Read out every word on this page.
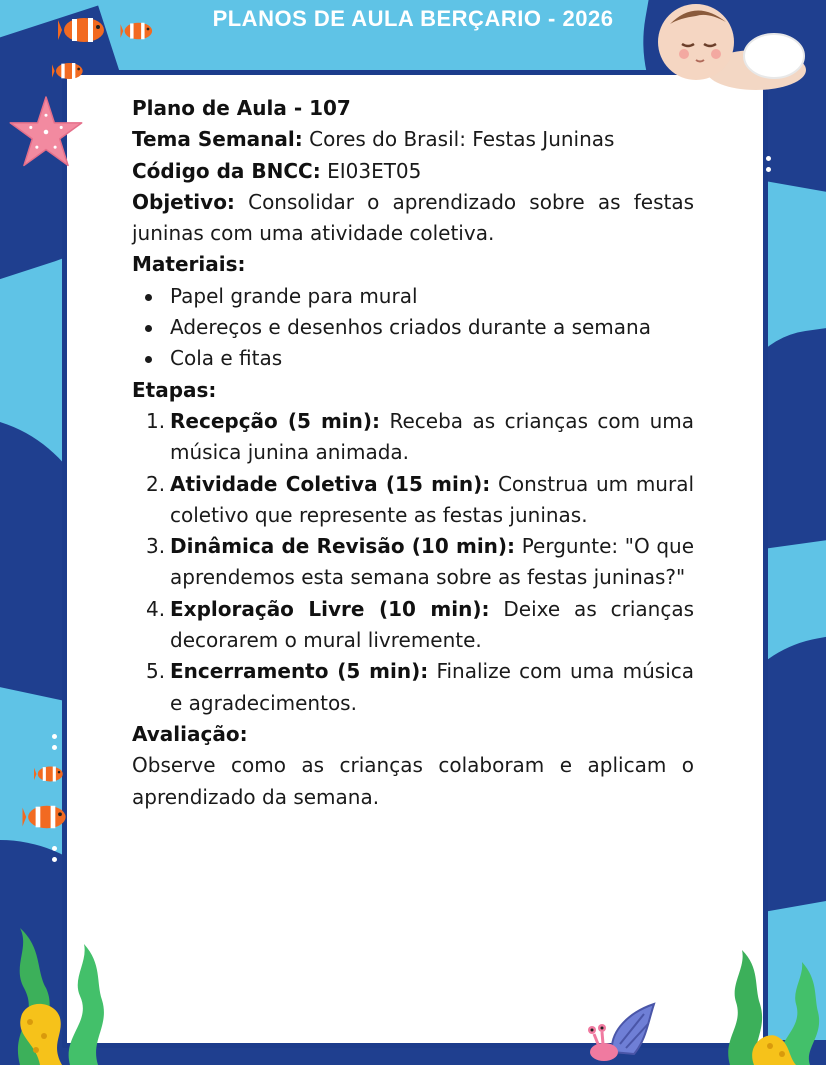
PLANOS DE AULA BERÇARIO - 2026

Plano de Aula - 107

Tema Semanal: Cores do Brasil: Festas Juninas

Código da BNCC: EI03ET05

Objetivo: Consolidar o aprendizado sobre as festas juninas com uma atividade coletiva.

Materiais:

Papel grande para mural
Adereços e desenhos criados durante a semana
Cola e fitas

Etapas:

1. Recepção (5 min): Receba as crianças com uma música junina animada.
2. Atividade Coletiva (15 min): Construa um mural coletivo que represente as festas juninas.
3. Dinâmica de Revisão (10 min): Pergunte: "O que aprendemos esta semana sobre as festas juninas?"
4. Exploração Livre (10 min): Deixe as crianças decorarem o mural livremente.
5. Encerramento (5 min): Finalize com uma música e agradecimentos.

Avaliação:

Observe como as crianças colaboram e aplicam o aprendizado da semana.
